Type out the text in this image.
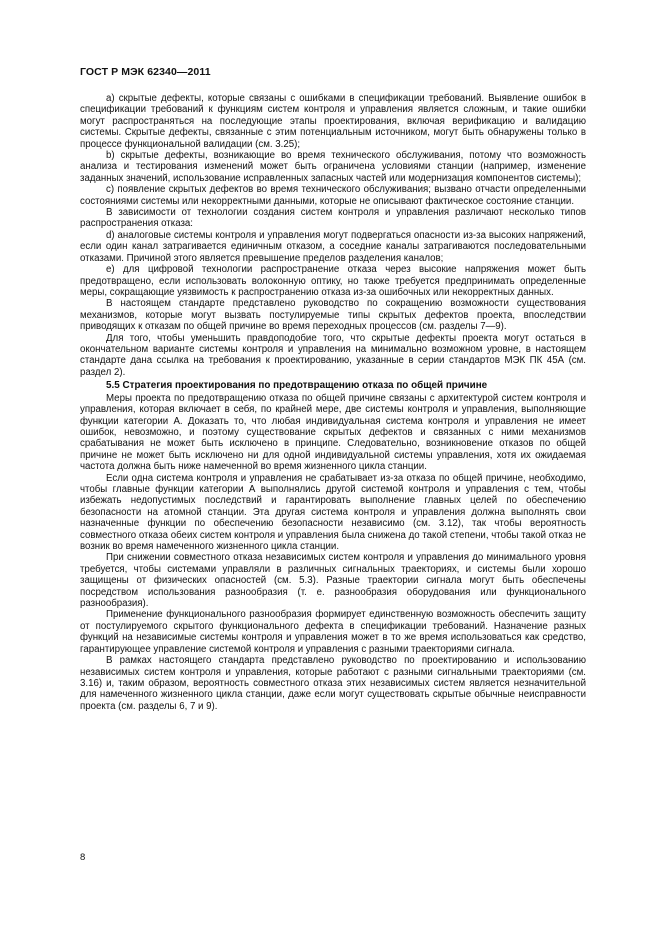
ГОСТ Р МЭК 62340—2011

а) скрытые дефекты, которые связаны с ошибками в спецификации требований. Выявление ошибок в спецификации требований к функциям систем контроля и управления является сложным, и такие ошибки могут распространяться на последующие этапы проектирования, включая верификацию и валидацию системы. Скрытые дефекты, связанные с этим потенциальным источником, могут быть обнаружены только в процессе функциональной валидации (см. 3.25);

b) скрытые дефекты, возникающие во время технического обслуживания, потому что возможность анализа и тестирования изменений может быть ограничена условиями станции (например, изменение заданных значений, использование исправленных запасных частей или модернизация компонентов системы);

с) появление скрытых дефектов во время технического обслуживания; вызвано отчасти определенными состояниями системы или некорректными данными, которые не описывают фактическое состояние станции.

В зависимости от технологии создания систем контроля и управления различают несколько типов распространения отказа:

d) аналоговые системы контроля и управления могут подвергаться опасности из-за высоких напряжений, если один канал затрагивается единичным отказом, а соседние каналы затрагиваются последовательными отказами. Причиной этого является превышение пределов разделения каналов;

е) для цифровой технологии распространение отказа через высокие напряжения может быть предотвращено, если использовать волоконную оптику, но также требуется предпринимать определенные меры, сокращающие уязвимость к распространению отказа из-за ошибочных или некорректных данных.

В настоящем стандарте представлено руководство по сокращению возможности существования механизмов, которые могут вызвать постулируемые типы скрытых дефектов проекта, впоследствии приводящих к отказам по общей причине во время переходных процессов (см. разделы 7—9).

Для того, чтобы уменьшить правдоподобие того, что скрытые дефекты проекта могут остаться в окончательном варианте системы контроля и управления на минимально возможном уровне, в настоящем стандарте дана ссылка на требования к проектированию, указанные в серии стандартов МЭК ПК 45А (см. раздел 2).

5.5 Стратегия проектирования по предотвращению отказа по общей причине

Меры проекта по предотвращению отказа по общей причине связаны с архитектурой систем контроля и управления, которая включает в себя, по крайней мере, две системы контроля и управления, выполняющие функции категории А. Доказать то, что любая индивидуальная система контроля и управления не имеет ошибок, невозможно, и поэтому существование скрытых дефектов и связанных с ними механизмов срабатывания не может быть исключено в принципе. Следовательно, возникновение отказов по общей причине не может быть исключено ни для одной индивидуальной системы управления, хотя их ожидаемая частота должна быть ниже намеченной во время жизненного цикла станции.

Если одна система контроля и управления не срабатывает из-за отказа по общей причине, необходимо, чтобы главные функции категории А выполнялись другой системой контроля и управления с тем, чтобы избежать недопустимых последствий и гарантировать выполнение главных целей по обеспечению безопасности на атомной станции. Эта другая система контроля и управления должна выполнять свои назначенные функции по обеспечению безопасности независимо (см. 3.12), так чтобы вероятность совместного отказа обеих систем контроля и управления была снижена до такой степени, чтобы такой отказ не возник во время намеченного жизненного цикла станции.

При снижении совместного отказа независимых систем контроля и управления до минимального уровня требуется, чтобы системами управляли в различных сигнальных траекториях, и системы были хорошо защищены от физических опасностей (см. 5.3). Разные траектории сигнала могут быть обеспечены посредством использования разнообразия (т. е. разнообразия оборудования или функционального разнообразия).

Применение функционального разнообразия формирует единственную возможность обеспечить защиту от постулируемого скрытого функционального дефекта в спецификации требований. Назначение разных функций на независимые системы контроля и управления может в то же время использоваться как средство, гарантирующее управление системой контроля и управления с разными траекториями сигнала.

В рамках настоящего стандарта представлено руководство по проектированию и использованию независимых систем контроля и управления, которые работают с разными сигнальными траекториями (см. 3.16) и, таким образом, вероятность совместного отказа этих независимых систем является незначительной для намеченного жизненного цикла станции, даже если могут существовать скрытые обычные неисправности проекта (см. разделы 6, 7 и 9).

8
